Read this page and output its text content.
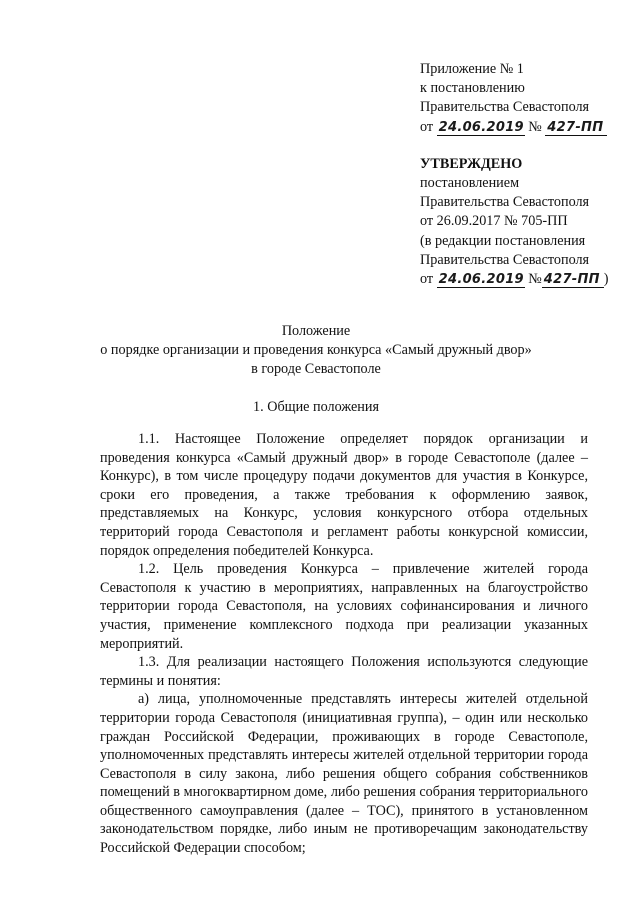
Приложение № 1
к постановлению
Правительства Севастополя
от 24.06.2019 № 427-ПП
УТВЕРЖДЕНО
постановлением
Правительства Севастополя
от 26.09.2017 № 705-ПП
(в редакции постановления
Правительства Севастополя
от 24.06.2019 № 427-ПП )
Положение
о порядке организации и проведения конкурса «Самый дружный двор»
в городе Севастополе
1. Общие положения

1.1. Настоящее Положение определяет порядок организации и проведения конкурса «Самый дружный двор» в городе Севастополе (далее – Конкурс), в том числе процедуру подачи документов для участия в Конкурсе, сроки его проведения, а также требования к оформлению заявок, представляемых на Конкурс, условия конкурсного отбора отдельных территорий города Севастополя и регламент работы конкурсной комиссии, порядок определения победителей Конкурса.

1.2. Цель проведения Конкурса – привлечение жителей города Севастополя к участию в мероприятиях, направленных на благоустройство территории города Севастополя, на условиях софинансирования и личного участия, применение комплексного подхода при реализации указанных мероприятий.

1.3. Для реализации настоящего Положения используются следующие термины и понятия:

а) лица, уполномоченные представлять интересы жителей отдельной территории города Севастополя (инициативная группа), – один или несколько граждан Российской Федерации, проживающих в городе Севастополе, уполномоченных представлять интересы жителей отдельной территории города Севастополя в силу закона, либо решения общего собрания собственников помещений в многоквартирном доме, либо решения собрания территориального общественного самоуправления (далее – ТОС), принятого в установленном законодательством порядке, либо иным не противоречащим законодательству Российской Федерации способом;
